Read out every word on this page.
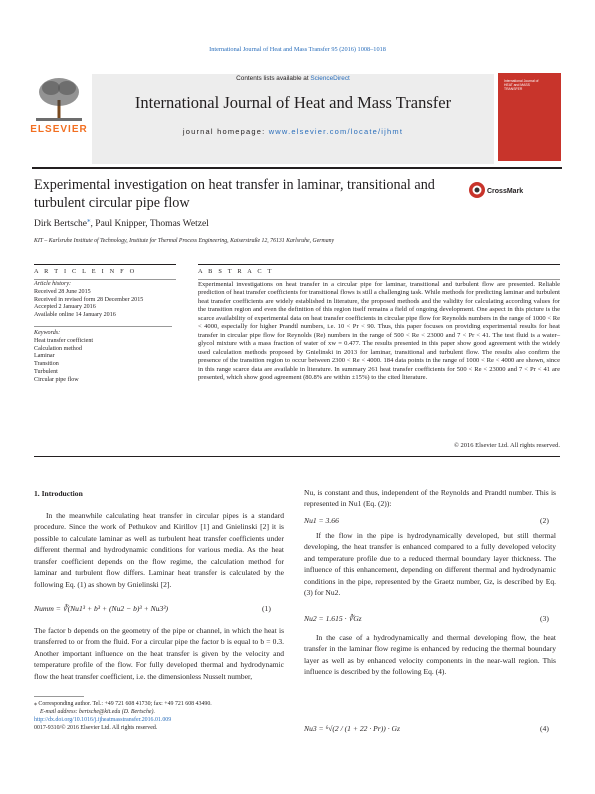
International Journal of Heat and Mass Transfer 95 (2016) 1008–1018
ELSEVIER
Contents lists available at ScienceDirect
International Journal of Heat and Mass Transfer
journal homepage: www.elsevier.com/locate/ijhmt
International Journal of HEAT and MASS TRANSFER
Experimental investigation on heat transfer in laminar, transitional and turbulent circular pipe flow
CrossMark
Dirk Bertsche⁎, Paul Knipper, Thomas Wetzel
KIT – Karlsruhe Institute of Technology, Institute for Thermal Process Engineering, Kaiserstraße 12, 76131 Karlsruhe, Germany
A R T I C L E I N F O	A B S T R A C T
Article history:
Received 28 June 2015
Received in revised form 28 December 2015
Accepted 2 January 2016
Available online 14 January 2016
Keywords:
Heat transfer coefficient
Calculation method
Laminar
Transition
Turbulent
Circular pipe flow
Experimental investigations on heat transfer in a circular pipe for laminar, transitional and turbulent flow are presented. Reliable prediction of heat transfer coefficients for transitional flows is still a challenging task. While methods for predicting laminar and turbulent heat transfer coefficients are widely established in literature, the proposed methods and the validity for calculating according values for the transition region and even the definition of this region itself remains a field of ongoing development. One aspect in this picture is the scarce availability of experimental data on heat transfer coefficients in circular pipe flow for Reynolds numbers in the range of 1000 < Re < 4000, especially for higher Prandtl numbers, i.e. 10 < Pr < 90. Thus, this paper focuses on providing experimental results for heat transfer in circular pipe flow for Reynolds (Re) numbers in the range of 500 < Re < 23000 and 7 < Pr < 41. The test fluid is a water–glycol mixture with a mass fraction of water of xw = 0.477. The results presented in this paper show good agreement with the widely used calculation methods proposed by Gnielinski in 2013 for laminar, transitional and turbulent flow. The results also confirm the presence of the transition region to occur between 2300 < Re < 4000. 184 data points in the range of 1000 < Re < 4000 are shown, since in this range scarce data are available in literature. In summary 261 heat transfer coefficients for 500 < Re < 23000 and 7 < Pr < 41 are presented, which show good agreement (80.8% are within ±15%) to the cited literature.
© 2016 Elsevier Ltd. All rights reserved.
1. Introduction

In the meanwhile calculating heat transfer in circular pipes is a standard procedure. Since the work of Pethukov and Kirillov [1] and Gnielinski [2] it is possible to calculate laminar as well as turbulent heat transfer coefficients under different thermal and hydrodynamic conditions for various media. As the heat transfer coefficient depends on the flow regime, the calculation method for laminar and turbulent flow differs. Laminar heat transfer is calculated by the following Eq. (1) as shown by Gnielinski [2].

Numm = ∛(Nu1³ + b³ + (Nu2 − b)³ + Nu3³)	(1)

The factor b depends on the geometry of the pipe or channel, in which the heat is transferred to or from the fluid. For a circular pipe the factor b is equal to b = 0.3. Another important influence on the heat transfer is given by the velocity and temperature profile of the flow. For fully developed thermal and hydrodynamic flow the heat transfer coefficient, i.e. the dimensionless Nusselt number,

⁎ Corresponding author. Tel.: +49 721 608 41730; fax: +49 721 608 43490.
E-mail address: bertsche@kit.edu (D. Bertsche).
http://dx.doi.org/10.1016/j.ijheatmasstransfer.2016.01.009
0017-9310/© 2016 Elsevier Ltd. All rights reserved.

Nu, is constant and thus, independent of the Reynolds and Prandtl number. This is represented in Nu1 (Eq. (2)):

Nu1 = 3.66	(2)

If the flow in the pipe is hydrodynamically developed, but still thermal developing, the heat transfer is enhanced compared to a fully developed velocity and temperature profile due to a reduced thermal boundary layer thickness. The influence of this enhancement, depending on different thermal and hydrodynamic conditions in the pipe, represented by the Graetz number, Gz, is described by Eq. (3) for Nu2.

Nu2 = 1.615 · ∛Gz	(3)

In the case of a hydrodynamically and thermal developing flow, the heat transfer in the laminar flow regime is enhanced by reducing the thermal boundary layer as well as by enhanced velocity components in the near-wall region. This influence is described by the following Eq. (4).

Nu3 = ⁶√(2 / (1 + 22 · Pr)) · Gz	(4)
